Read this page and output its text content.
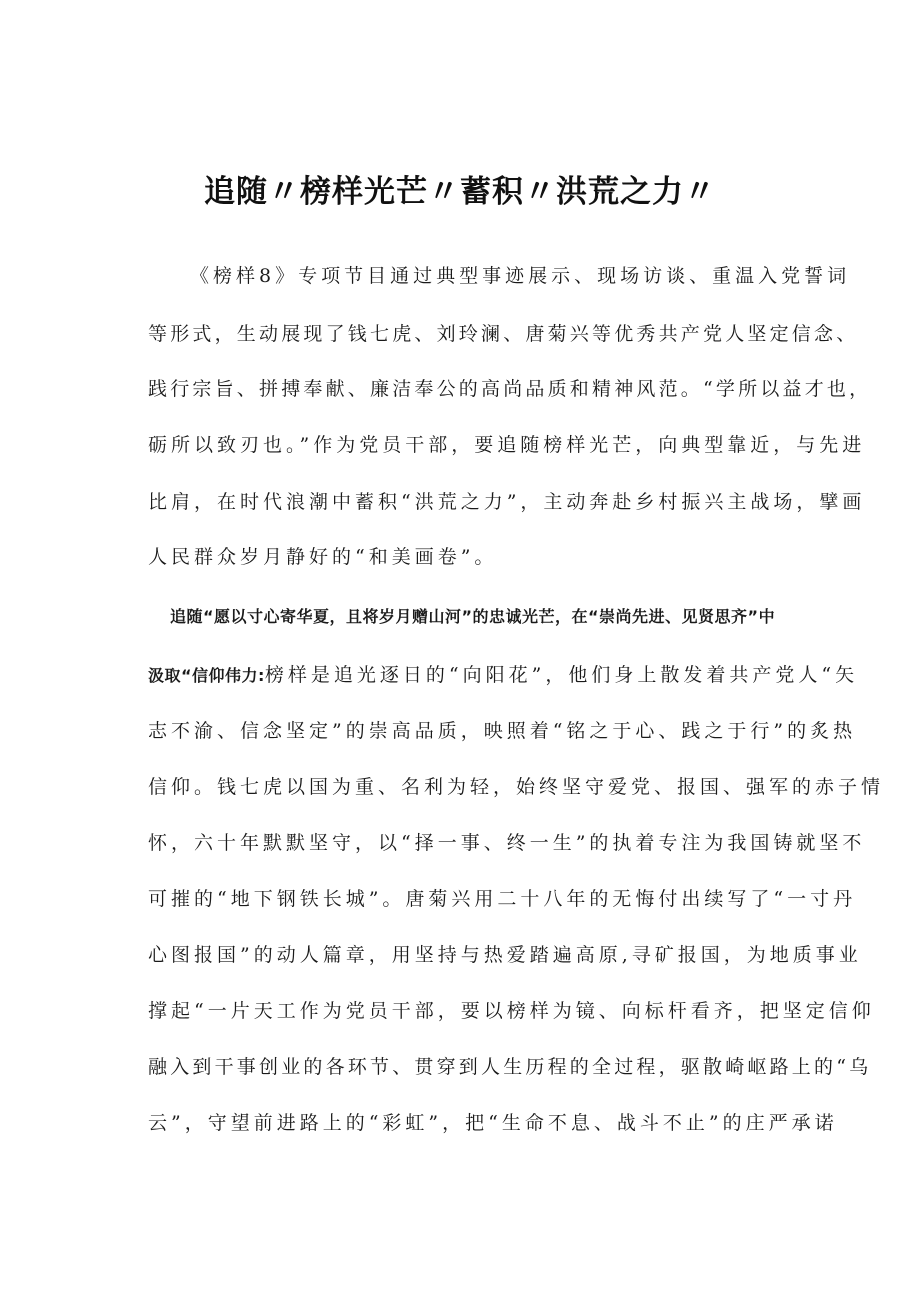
追随〃榜样光芒〃蓄积〃洪荒之力〃
《榜样8》专项节目通过典型事迹展示、现场访谈、重温入党誓词
等形式，生动展现了钱七虎、刘玲澜、唐菊兴等优秀共产党人坚定信念、
践行宗旨、拼搏奉献、廉洁奉公的高尚品质和精神风范。“学所以益才也，
砺所以致刃也。”作为党员干部，要追随榜样光芒，向典型靠近，与先进
比肩，在时代浪潮中蓄积“洪荒之力”，主动奔赴乡村振兴主战场，擘画
人民群众岁月静好的“和美画卷”。
追随“愿以寸心寄华夏，且将岁月赠山河”的忠诚光芒，在“崇尚先进、见贤思齐”中
汲取“信仰伟力:榜样是追光逐日的“向阳花”，他们身上散发着共产党人“矢
志不渝、信念坚定”的崇高品质，映照着“铭之于心、践之于行”的炙热
信仰。钱七虎以国为重、名利为轻，始终坚守爱党、报国、强军的赤子情
怀，六十年默默坚守，以“择一事、终一生”的执着专注为我国铸就坚不
可摧的“地下钢铁长城”。唐菊兴用二十八年的无悔付出续写了“一寸丹
心图报国”的动人篇章，用坚持与热爱踏遍高原,寻矿报国，为地质事业
撑起“一片天工作为党员干部，要以榜样为镜、向标杆看齐，把坚定信仰
融入到干事创业的各环节、贯穿到人生历程的全过程，驱散崎岖路上的“乌
云”，守望前进路上的“彩虹”，把“生命不息、战斗不止”的庄严承诺
